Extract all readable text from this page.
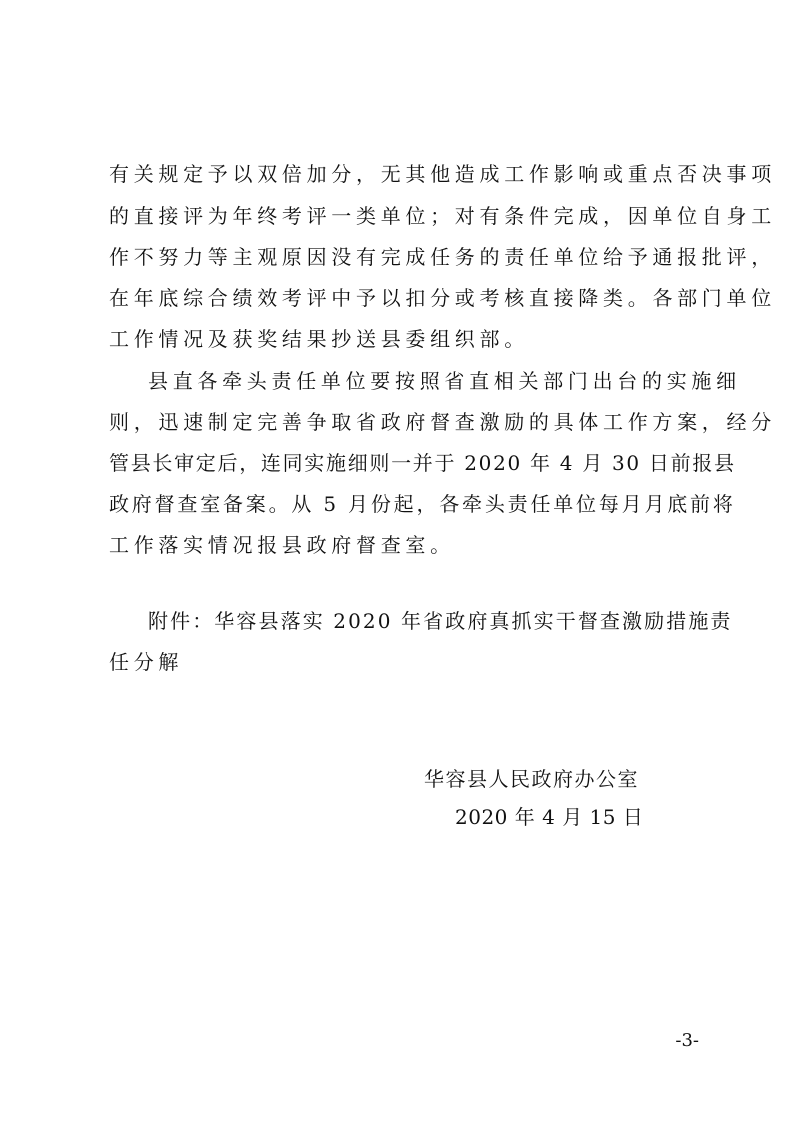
有关规定予以双倍加分，无其他造成工作影响或重点否决事项
的直接评为年终考评一类单位；对有条件完成，因单位自身工
作不努力等主观原因没有完成任务的责任单位给予通报批评，
在年底综合绩效考评中予以扣分或考核直接降类。各部门单位
工作情况及获奖结果抄送县委组织部。
县直各牵头责任单位要按照省直相关部门出台的实施细
则，迅速制定完善争取省政府督查激励的具体工作方案，经分
管县长审定后，连同实施细则一并于 2020 年 4 月 30 日前报县
政府督查室备案。从 5 月份起，各牵头责任单位每月月底前将
工作落实情况报县政府督查室。
附件：华容县落实 2020 年省政府真抓实干督查激励措施责
任分解
华容县人民政府办公室
2020 年 4 月 15 日
-3-
